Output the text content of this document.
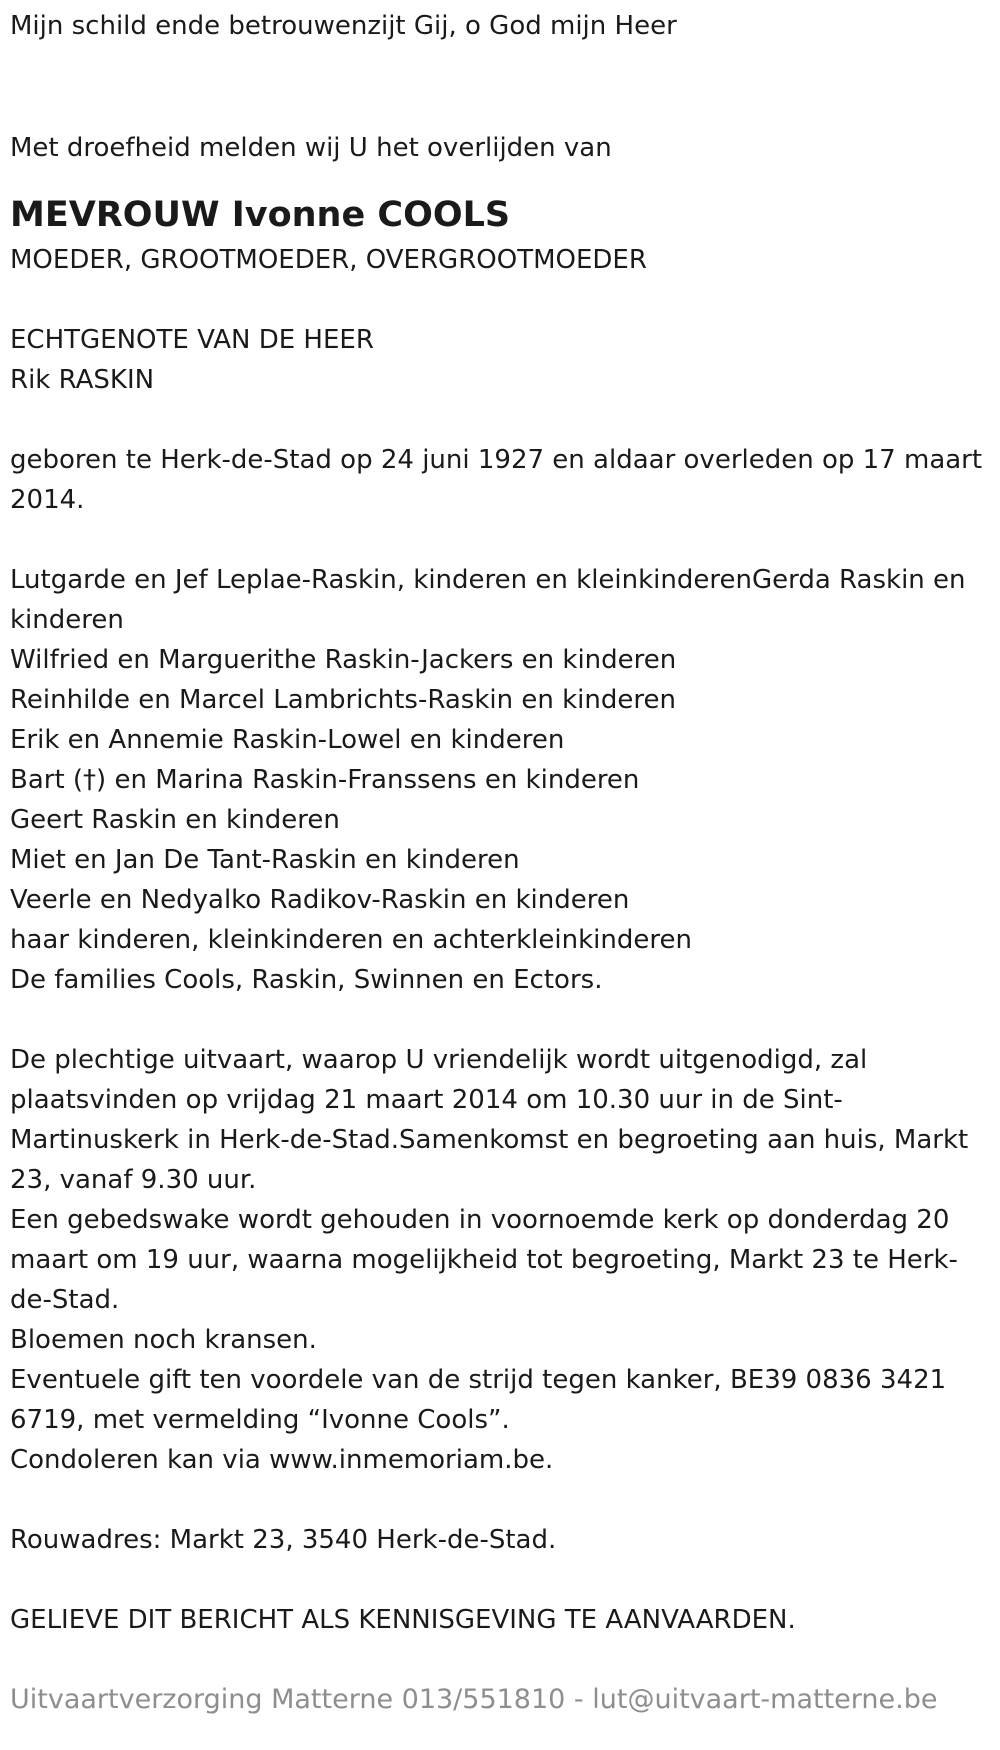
Mijn schild ende betrouwenzijt Gij, o God mijn Heer
Met droefheid melden wij U het overlijden van
MEVROUW Ivonne COOLS
MOEDER, GROOTMOEDER, OVERGROOTMOEDER
ECHTGENOTE VAN DE HEER
Rik RASKIN
geboren te Herk-de-Stad op 24 juni 1927 en aldaar overleden op 17 maart 2014.
Lutgarde en Jef Leplae-Raskin, kinderen en kleinkinderenGerda Raskin en kinderen
Wilfried en Marguerithe Raskin-Jackers en kinderen
Reinhilde en Marcel Lambrichts-Raskin en kinderen
Erik en Annemie Raskin-Lowel en kinderen
Bart (†) en Marina Raskin-Franssens en kinderen
Geert Raskin en kinderen
Miet en Jan De Tant-Raskin en kinderen
Veerle en Nedyalko Radikov-Raskin en kinderen
haar kinderen, kleinkinderen en achterkleinkinderen
De families Cools, Raskin, Swinnen en Ectors.
De plechtige uitvaart, waarop U vriendelijk wordt uitgenodigd, zal plaatsvinden op vrijdag 21 maart 2014 om 10.30 uur in de Sint-Martinuskerk in Herk-de-Stad.Samenkomst en begroeting aan huis, Markt 23, vanaf 9.30 uur.
Een gebedswake wordt gehouden in voornoemde kerk op donderdag 20 maart om 19 uur, waarna mogelijkheid tot begroeting, Markt 23 te Herk-de-Stad.
Bloemen noch kransen.
Eventuele gift ten voordele van de strijd tegen kanker, BE39 0836 3421 6719, met vermelding “Ivonne Cools”.
Condoleren kan via www.inmemoriam.be.
Rouwadres: Markt 23, 3540 Herk-de-Stad.
GELIEVE DIT BERICHT ALS KENNISGEVING TE AANVAARDEN.
Uitvaartverzorging Matterne 013/551810 - lut@uitvaart-matterne.be
